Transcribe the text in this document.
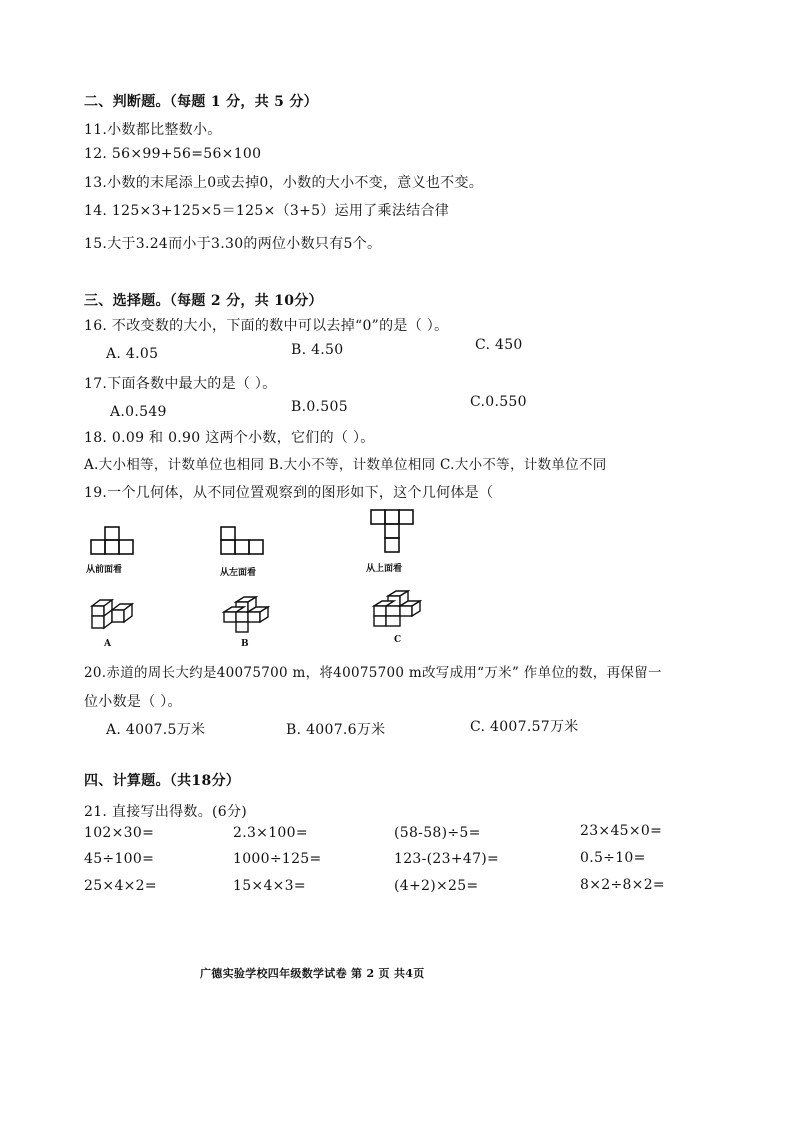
二、判断题。（每题 1 分，共 5 分）
11.小数都比整数小。
12. 56×99+56=56×100
13.小数的末尾添上0或去掉0，小数的大小不变，意义也不变。
14. 125×3+125×5＝125×（3+5）运用了乘法结合律
15.大于3.24而小于3.30的两位小数只有5个。
三、选择题。（每题 2 分，共 10分）
16. 不改变数的大小，下面的数中可以去掉“0”的是（ ）。
A. 4.05	B. 4.50	C. 450
17.下面各数中最大的是（ ）。
A.0.549	B.0.505	C.0.550
18. 0.09 和 0.90 这两个小数，它们的（ ）。
A.大小相等，计数单位也相同 B.大小不等，计数单位相同 C.大小不等，计数单位不同
19.一个几何体，从不同位置观察到的图形如下，这个几何体是（
从前面看	从左面看	从上面看
A	B	C
20.赤道的周长大约是40075700 m，将40075700 m改写成用“万米” 作单位的数，再保留一
位小数是（ ）。
A. 4007.5万米	B. 4007.6万米	C. 4007.57万米
四、计算题。（共18分）
21. 直接写出得数。(6分)
102×30=	2.3×100=	(58-58)÷5=	23×45×0=
45÷100=	1000÷125=	123-(23+47)=	0.5÷10=
25×4×2=	15×4×3=	(4+2)×25=	8×2÷8×2=
广德实验学校四年级数学试卷 第 2 页 共4页
